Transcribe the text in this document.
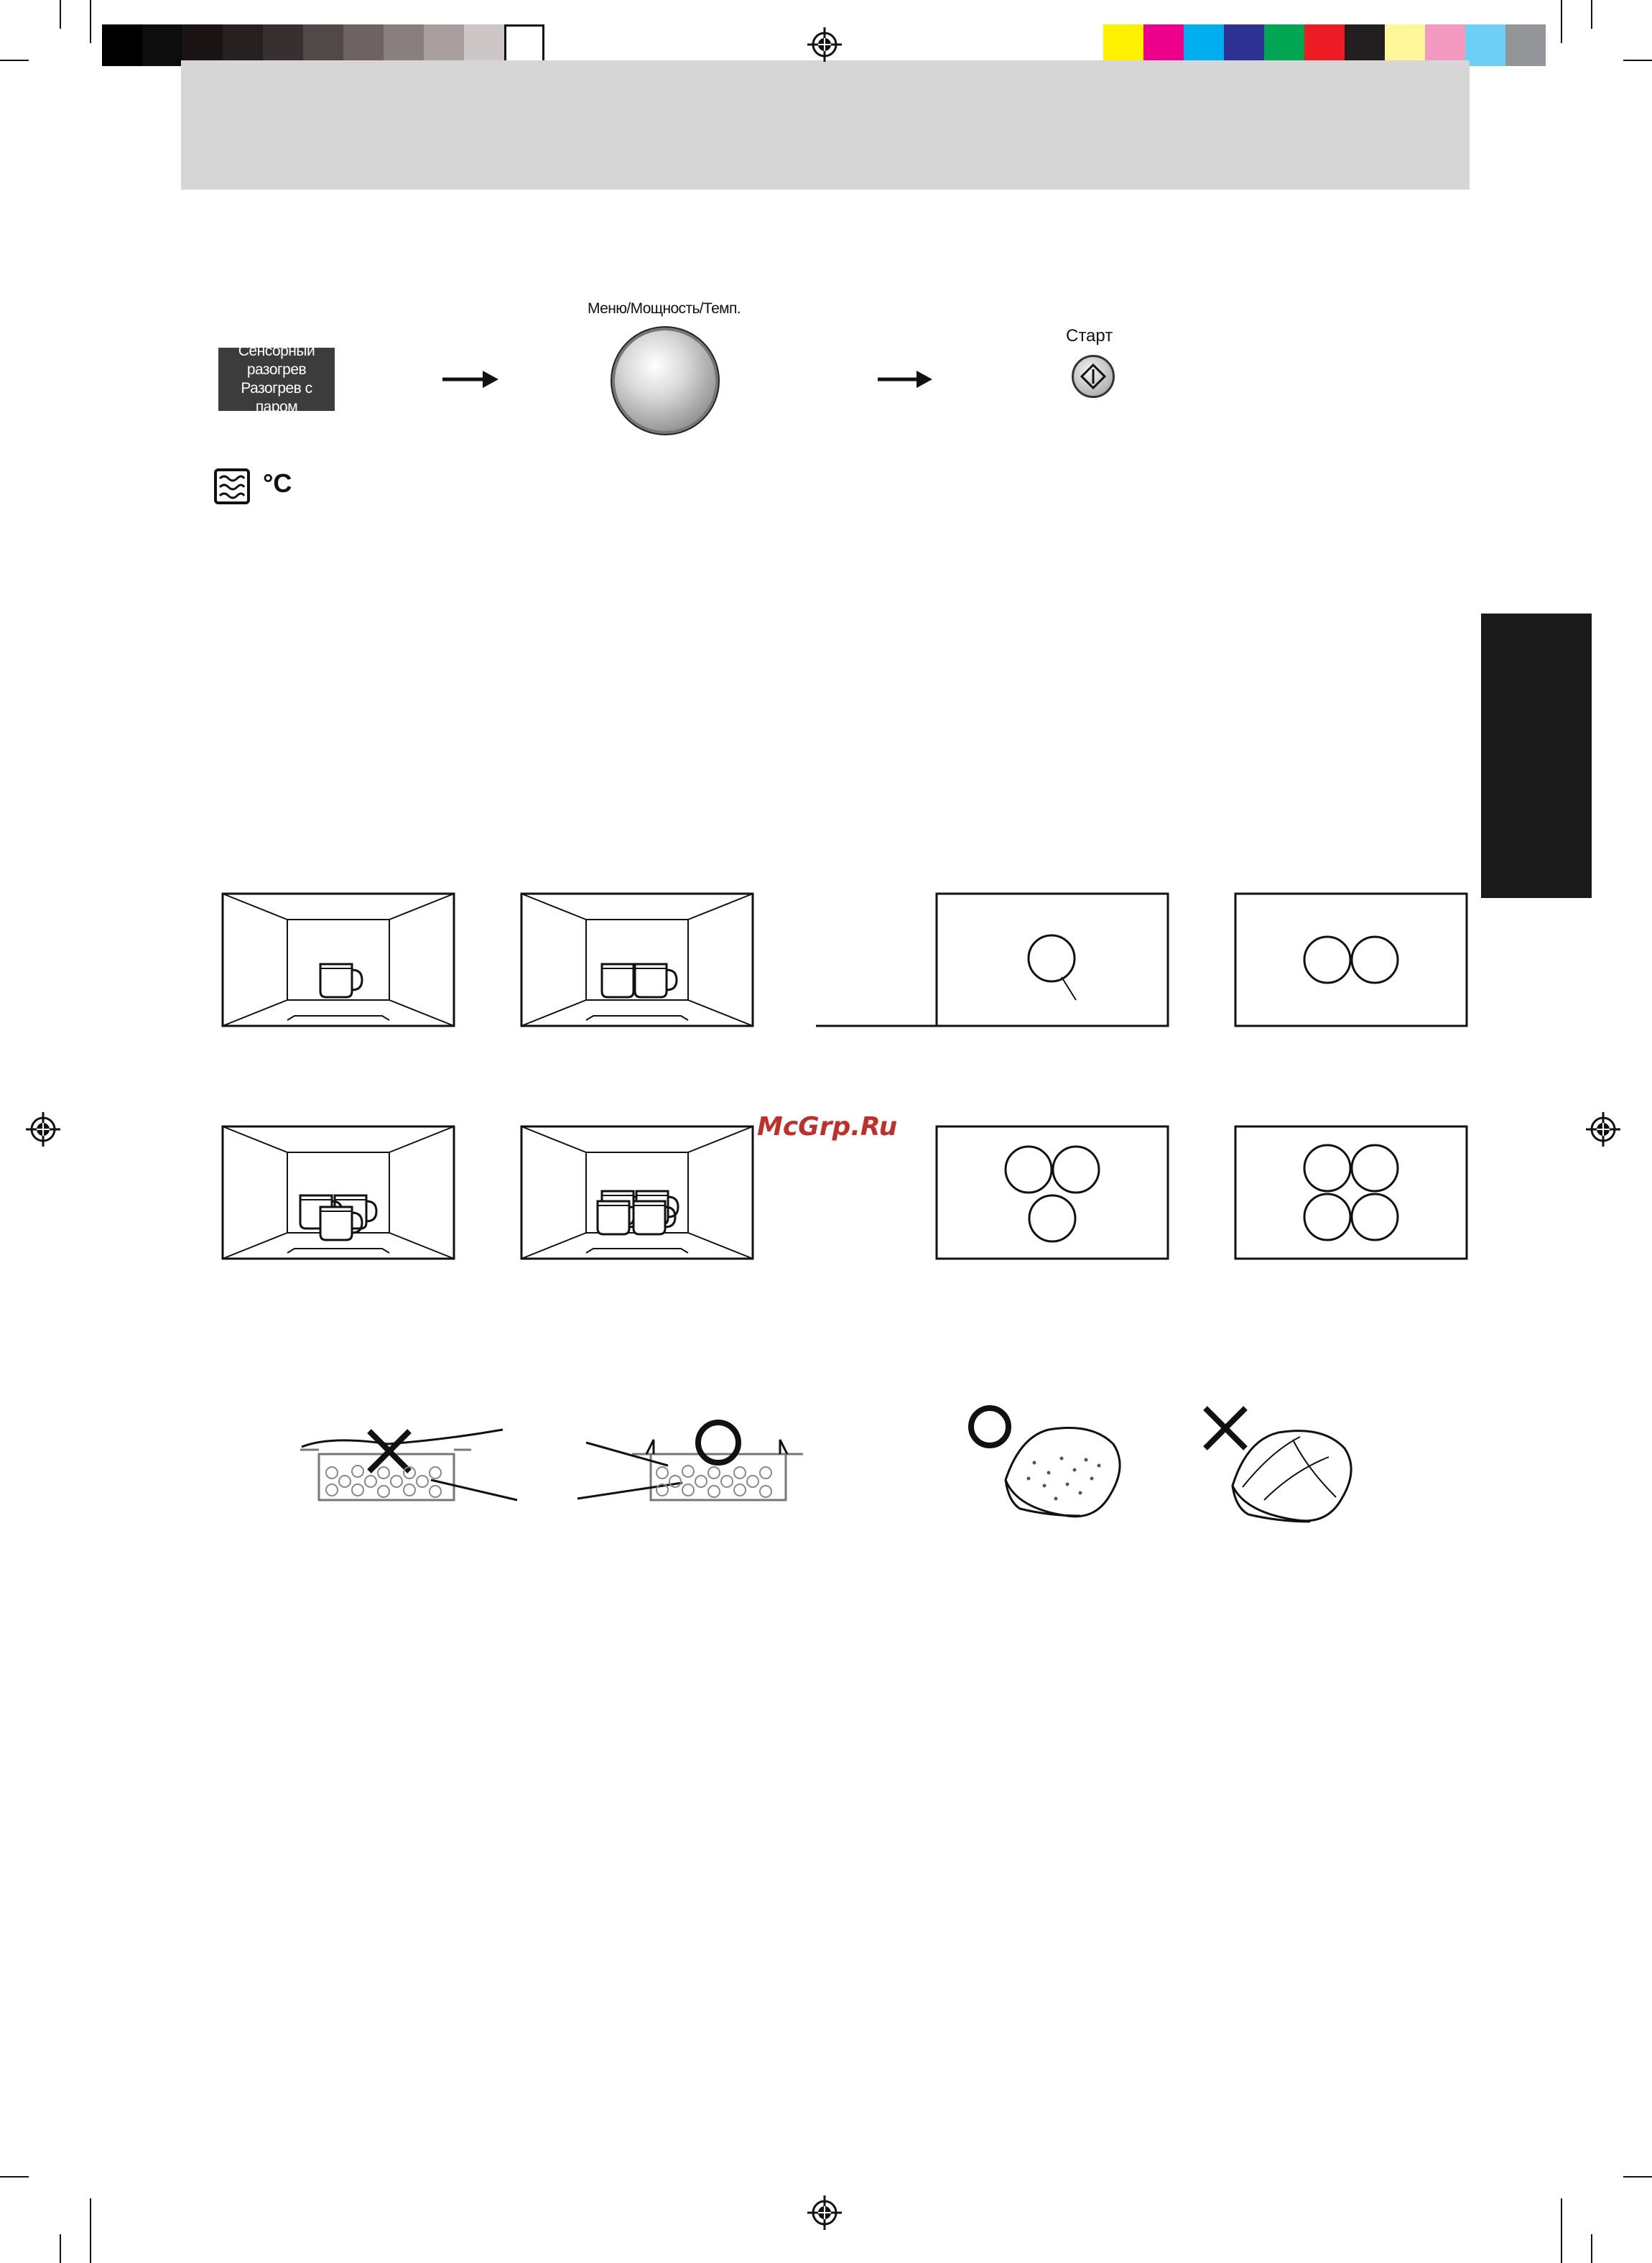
Сенсорный разогрев
Разогрев с паром
Меню/Мощность/Темп.
Старт
°C
McGrp.Ru
